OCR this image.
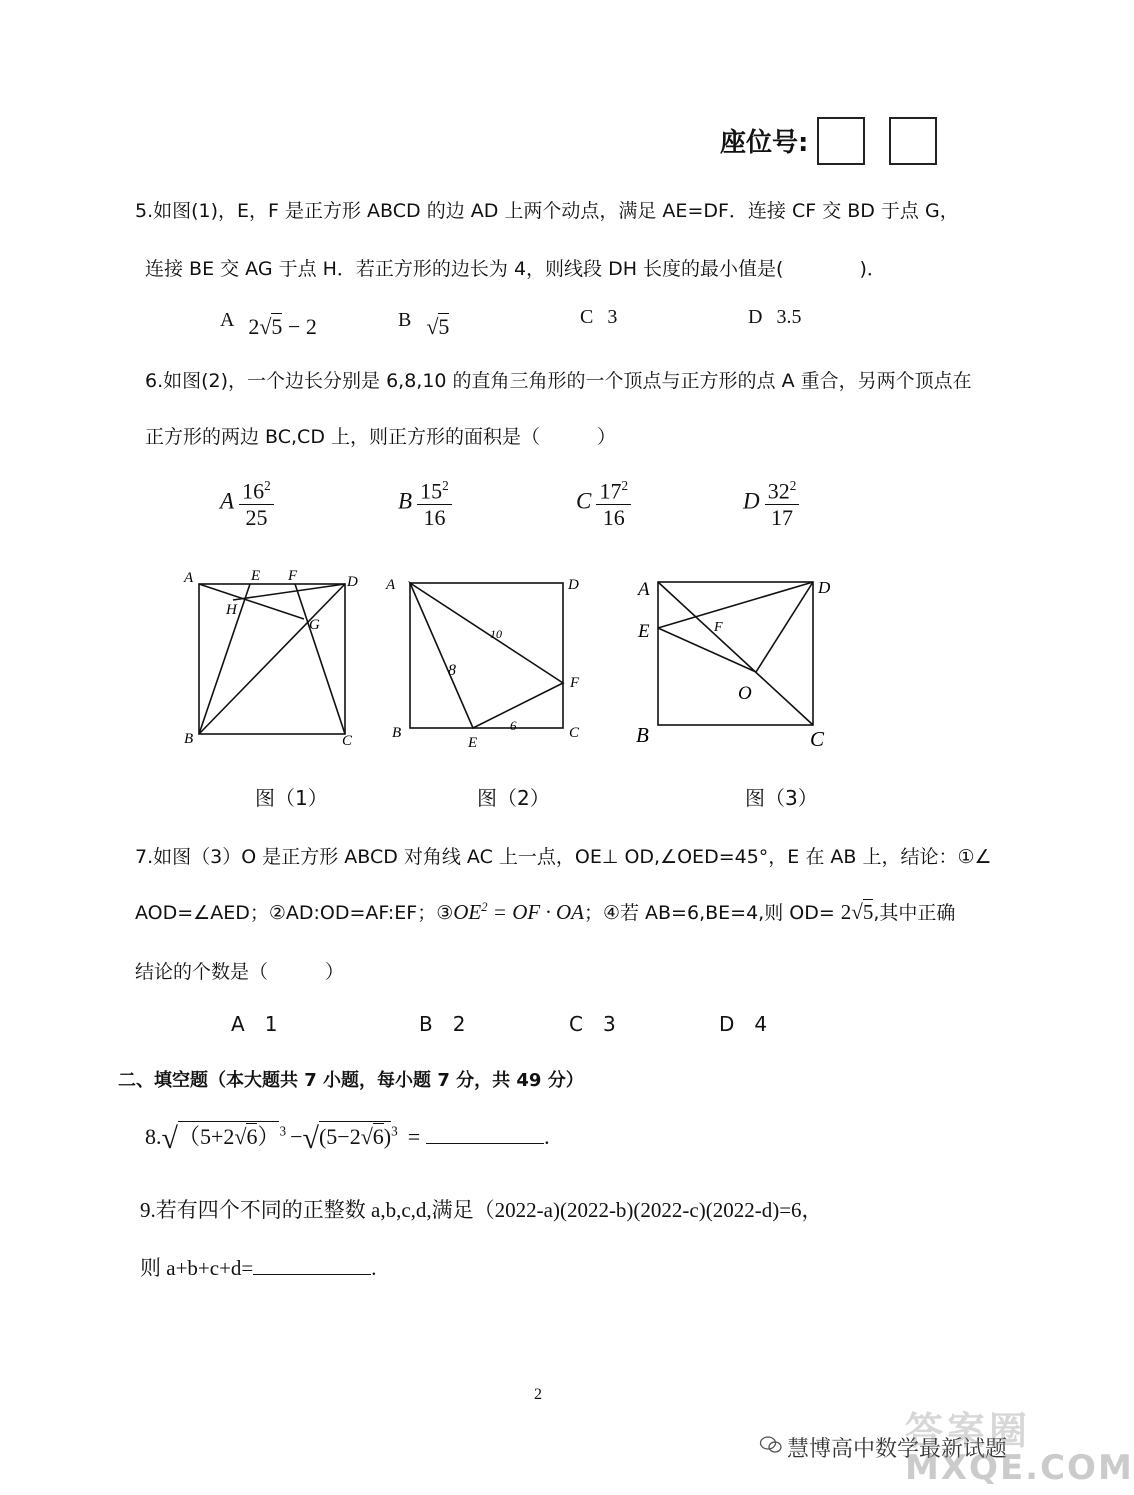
座位号:
5.如图(1)，E，F 是正方形 ABCD 的边 AD 上两个动点，满足 AE=DF．连接 CF 交 BD 于点 G，
连接 BE 交 AG 于点 H．若正方形的边长为 4，则线段 DH 长度的最小值是(　　　　)．
A 2√5 − 2	B √5	C 3	D 3.5
6.如图(2)，一个边长分别是 6,8,10 的直角三角形的一个顶点与正方形的点 A 重合，另两个顶点在
正方形的两边 BC,CD 上，则正方形的面积是（　　　）
A $\frac{16^2}{25}$	B $\frac{15^2}{16}$	C $\frac{17^2}{16}$	D $\frac{32^2}{17}$
A	E F	D
H
G
B	C
A	D
B
E
C
F
10
8
6
A	D
E	F
O
B	C
图（1）	图（2）	图（3）
7.如图（3）O 是正方形 ABCD 对角线 AC 上一点，OE⊥ OD,∠OED=45°，E 在 AB 上，结论：①∠
AOD=∠AED；②AD:OD=AF:EF；$③OE^2$ = OF · OA；④若 AB=6,BE=4,则 OD= 2√5,其中正确
结论的个数是（　　　）
A 1	B 2	C 3	D 4
二、填空题（本大题共 7 小题，每小题 7 分，共 49 分）
$8.√(5+2√6)^3 -√(5-2√6)^3$ =	.
9.若有四个不同的正整数 a,b,c,d,满足（2022-a)(2022-b)(2022-c)(2022-d)=6，
则 a+b+c+d=	.
2
慧博高中数学最新试题
答案圈
MXQE.COM
